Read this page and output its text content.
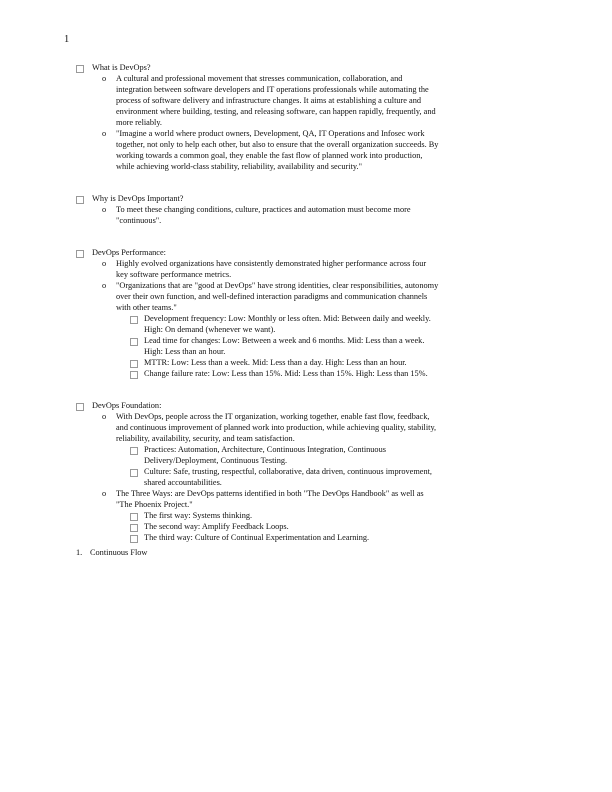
1
What is DevOps?
o	A cultural and professional movement that stresses communication, collaboration, and integration between software developers and IT operations professionals while automating the process of software delivery and infrastructure changes. It aims at establishing a culture and environment where building, testing, and releasing software, can happen rapidly, frequently, and more reliably.
o	"Imagine a world where product owners, Development, QA, IT Operations and Infosec work together, not only to help each other, but also to ensure that the overall organization succeeds. By working towards a common goal, they enable the fast flow of planned work into production, while achieving world-class stability, reliability, availability and security."
Why is DevOps Important?
o	To meet these changing conditions, culture, practices and automation must become more "continuous".
DevOps Performance:
o	Highly evolved organizations have consistently demonstrated higher performance across four key software performance metrics.
o	"Organizations that are "good at DevOps" have strong identities, clear responsibilities, autonomy over their own function, and well-defined interaction paradigms and communication channels with other teams."
Development frequency: Low: Monthly or less often. Mid: Between daily and weekly. High: On demand (whenever we want).
Lead time for changes: Low: Between a week and 6 months. Mid: Less than a week. High: Less than an hour.
MTTR: Low: Less than a week. Mid: Less than a day. High: Less than an hour.
Change failure rate: Low: Less than 15%. Mid: Less than 15%. High: Less than 15%.
DevOps Foundation:
o	With DevOps, people across the IT organization, working together, enable fast flow, feedback, and continuous improvement of planned work into production, while achieving quality, stability, reliability, availability, security, and team satisfaction.
Practices: Automation, Architecture, Continuous Integration, Continuous Delivery/Deployment, Continuous Testing.
Culture: Safe, trusting, respectful, collaborative, data driven, continuous improvement, shared accountabilities.
o	The Three Ways: are DevOps patterns identified in both "The DevOps Handbook" as well as "The Phoenix Project."
The first way: Systems thinking.
The second way: Amplify Feedback Loops.
The third way: Culture of Continual Experimentation and Learning.
1. Continuous Flow
